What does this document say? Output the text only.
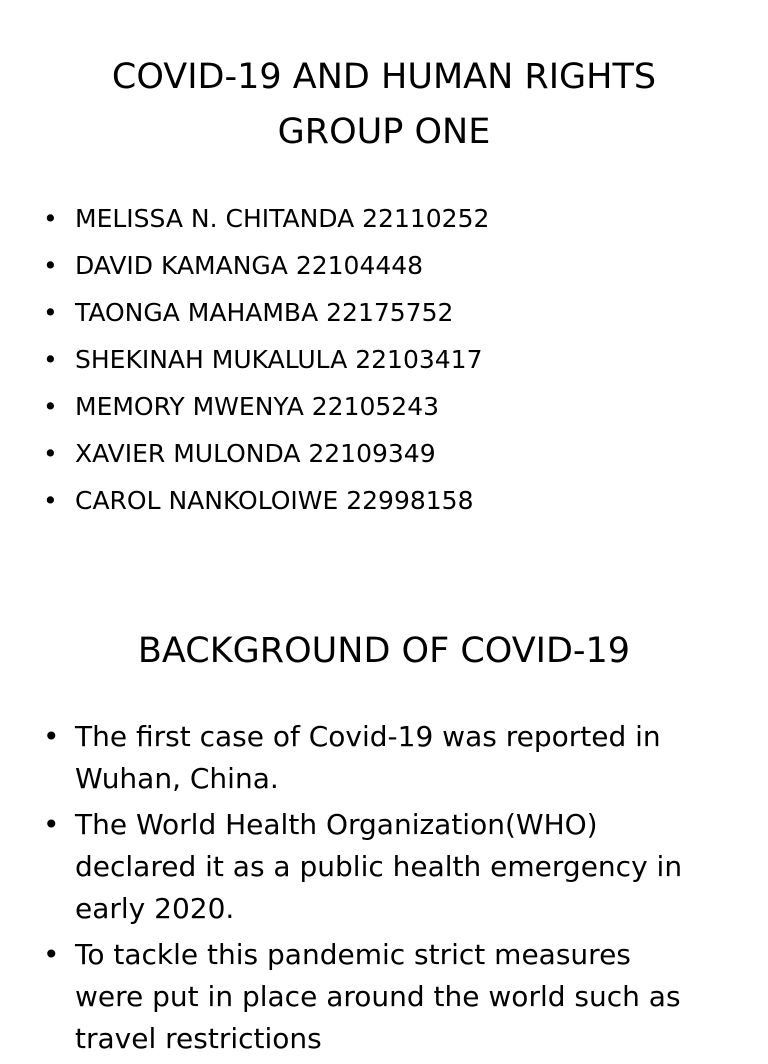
COVID-19 AND HUMAN RIGHTS
GROUP ONE
• MELISSA N. CHITANDA 22110252
• DAVID KAMANGA 22104448
• TAONGA MAHAMBA 22175752
• SHEKINAH MUKALULA 22103417
• MEMORY MWENYA 22105243
• XAVIER MULONDA 22109349
• CAROL NANKOLOIWE 22998158
BACKGROUND OF COVID-19
• The first case of Covid-19 was reported in Wuhan, China.
• The World Health Organization(WHO) declared it as a public health emergency in early 2020.
• To tackle this pandemic strict measures were put in place around the world such as travel restrictions
